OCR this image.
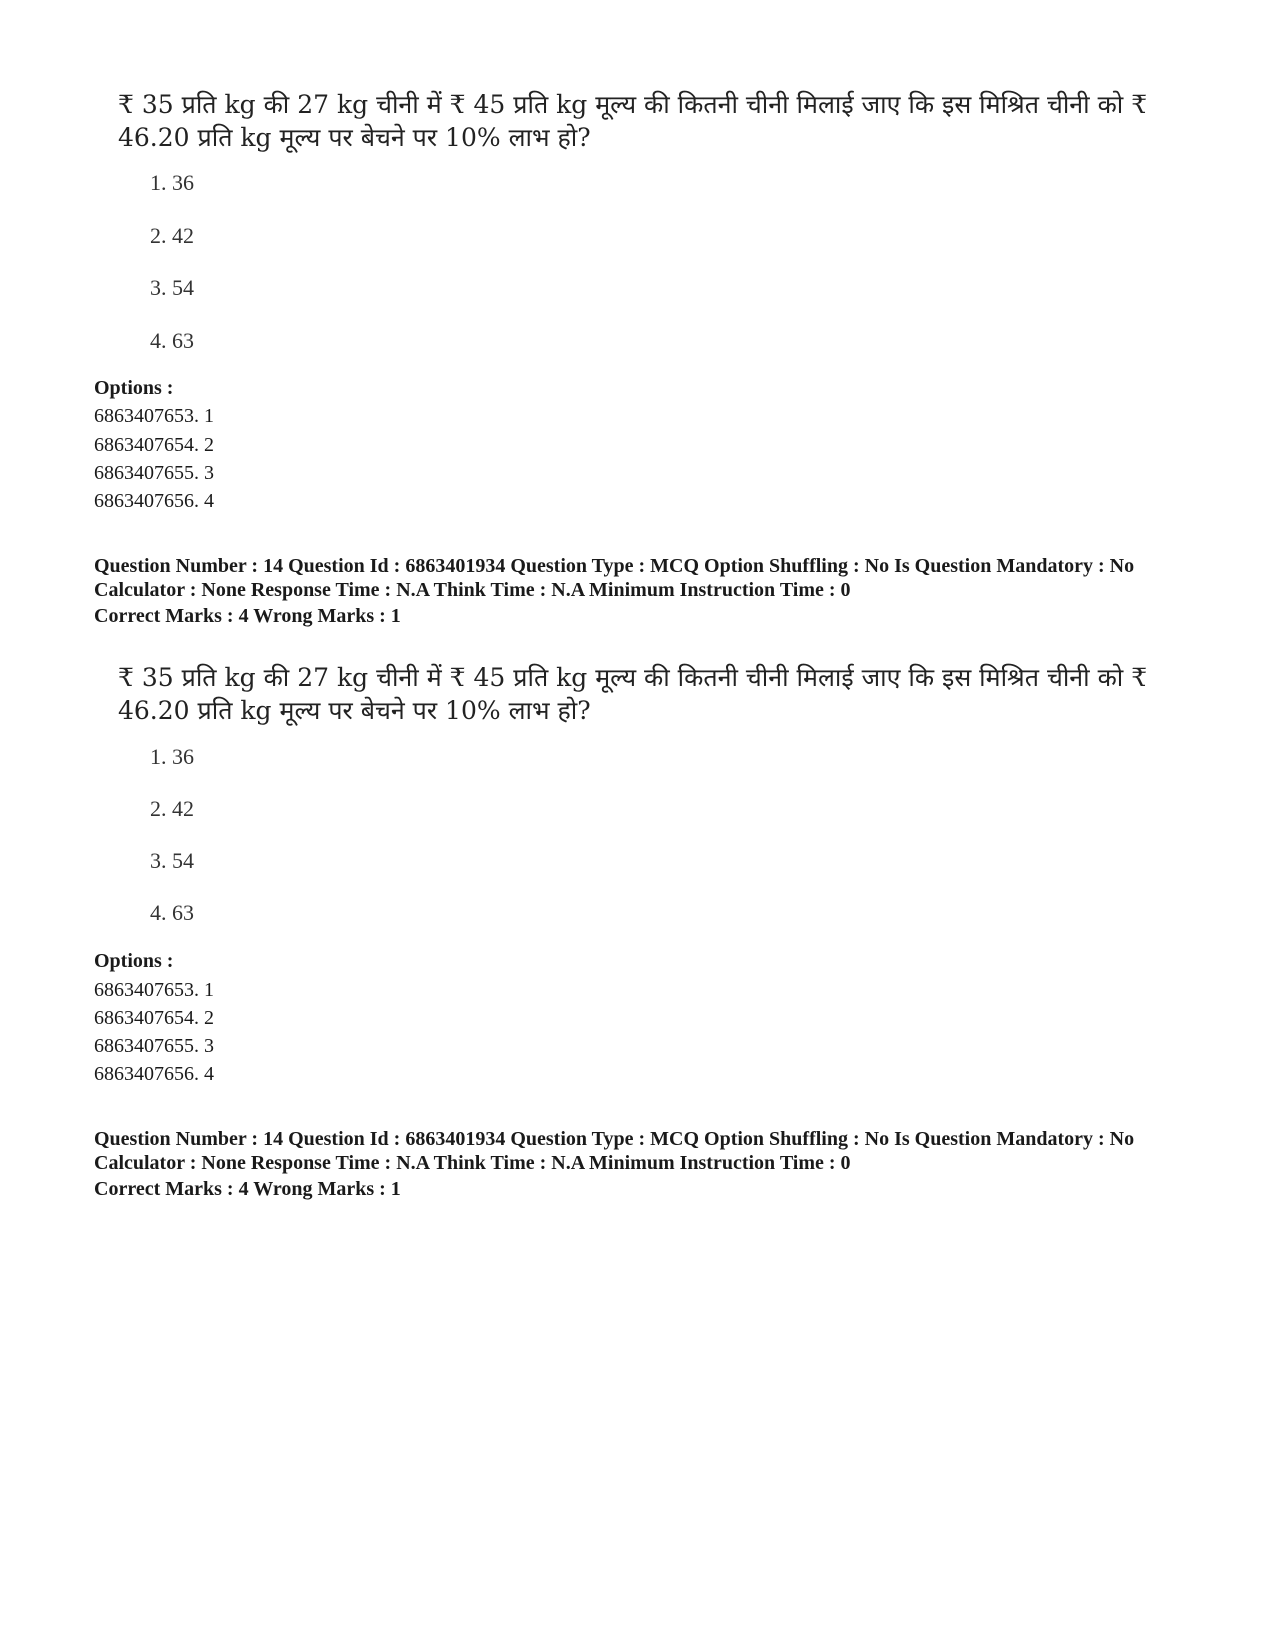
₹ 35 प्रति kg की 27 kg चीनी में ₹ 45 प्रति kg मूल्य की कितनी चीनी मिलाई जाए कि इस मिश्रित चीनी को ₹ 46.20 प्रति kg मूल्य पर बेचने पर 10% लाभ हो?
1. 36
2. 42
3. 54
4. 63
Options :
6863407653. 1
6863407654. 2
6863407655. 3
6863407656. 4
Question Number : 14 Question Id : 6863401934 Question Type : MCQ Option Shuffling : No Is Question Mandatory : No Calculator : None Response Time : N.A Think Time : N.A Minimum Instruction Time : 0
Correct Marks : 4 Wrong Marks : 1
₹ 35 प्रति kg की 27 kg चीनी में ₹ 45 प्रति kg मूल्य की कितनी चीनी मिलाई जाए कि इस मिश्रित चीनी को ₹ 46.20 प्रति kg मूल्य पर बेचने पर 10% लाभ हो?
1. 36
2. 42
3. 54
4. 63
Options :
6863407653. 1
6863407654. 2
6863407655. 3
6863407656. 4
Question Number : 14 Question Id : 6863401934 Question Type : MCQ Option Shuffling : No Is Question Mandatory : No Calculator : None Response Time : N.A Think Time : N.A Minimum Instruction Time : 0
Correct Marks : 4 Wrong Marks : 1
